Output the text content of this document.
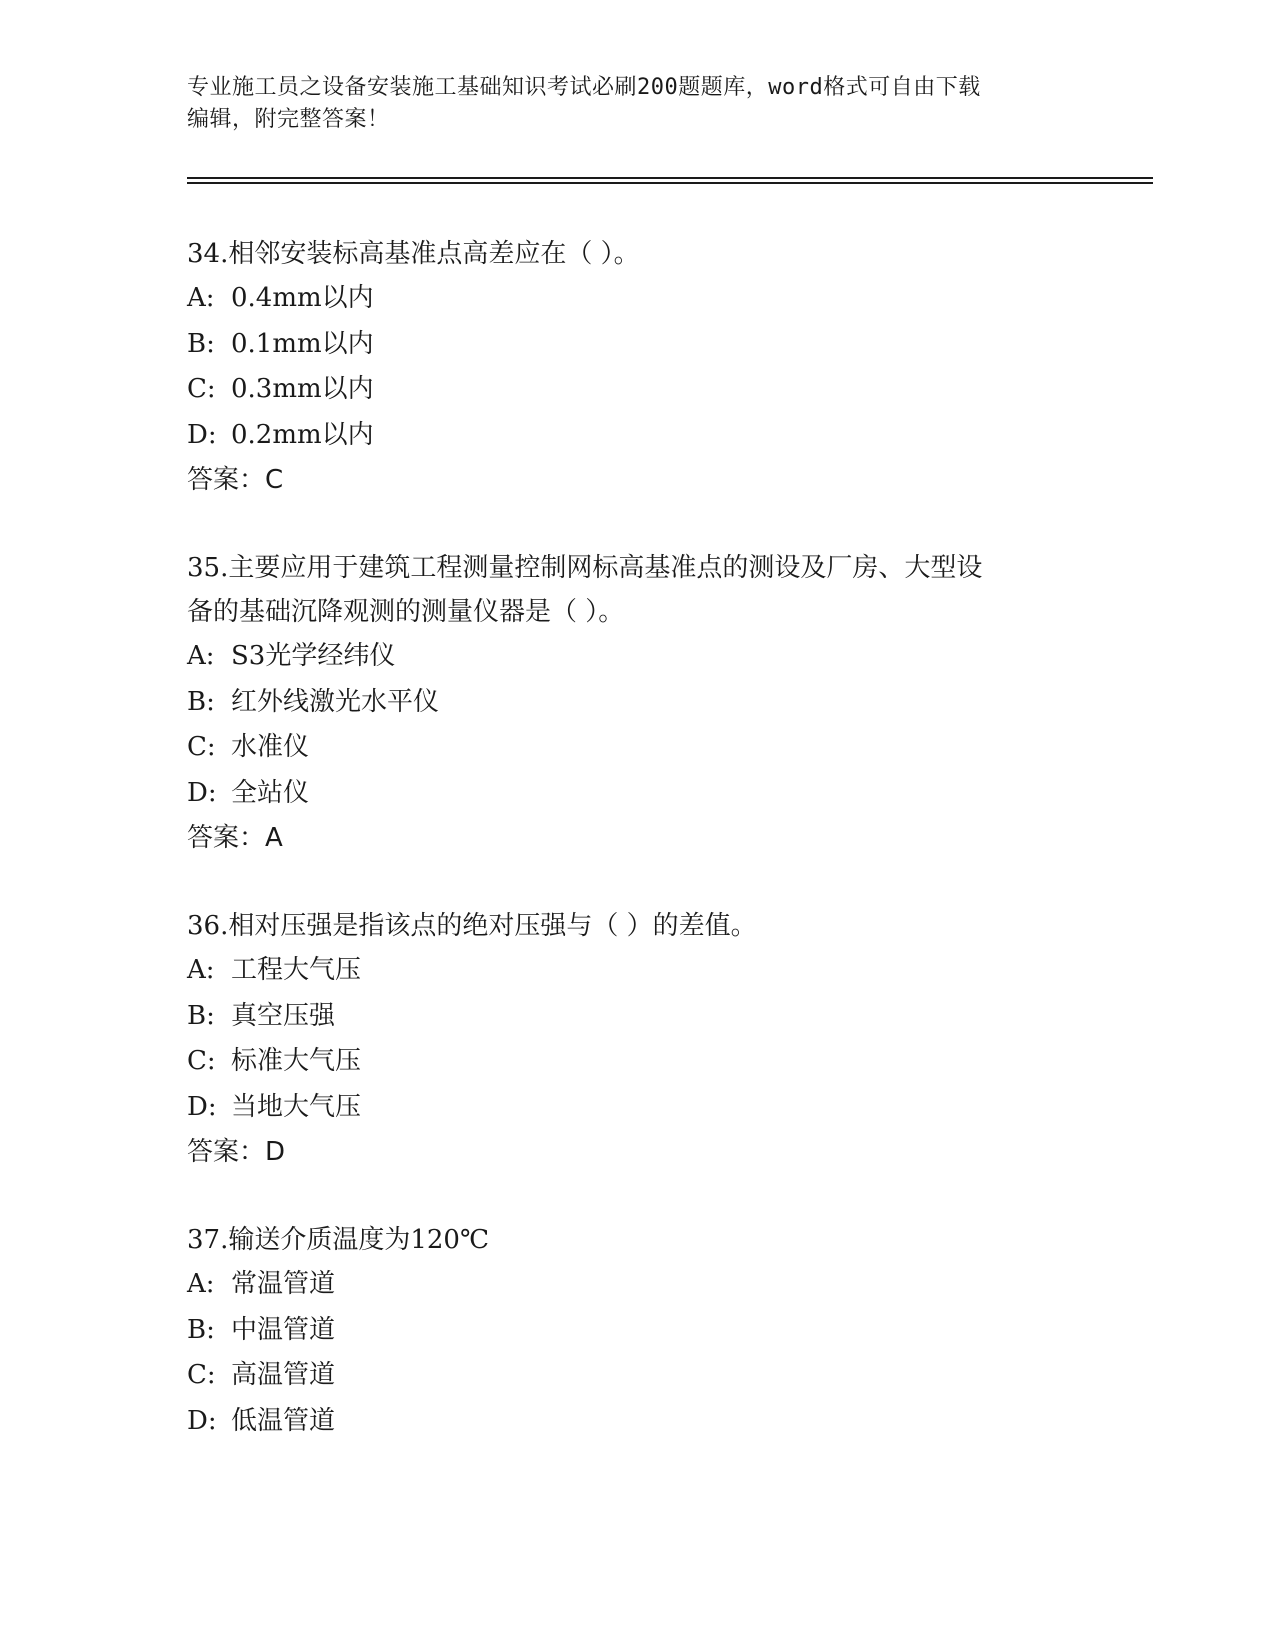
专业施工员之设备安装施工基础知识考试必刷200题题库，word格式可自由下载
编辑，附完整答案！

34.相邻安装标高基准点高差应在（ ）。

A: 0.4mm以内
B: 0.1mm以内
C: 0.3mm以内
D: 0.2mm以内
答案：C

35.主要应用于建筑工程测量控制网标高基准点的测设及厂房、大型设
备的基础沉降观测的测量仪器是（ ）。

A: S3光学经纬仪
B: 红外线激光水平仪
C: 水准仪
D: 全站仪
答案：A

36.相对压强是指该点的绝对压强与（ ）的差值。

A: 工程大气压
B: 真空压强
C: 标准大气压
D: 当地大气压
答案：D

37.输送介质温度为120℃

A: 常温管道
B: 中温管道
C: 高温管道
D: 低温管道
